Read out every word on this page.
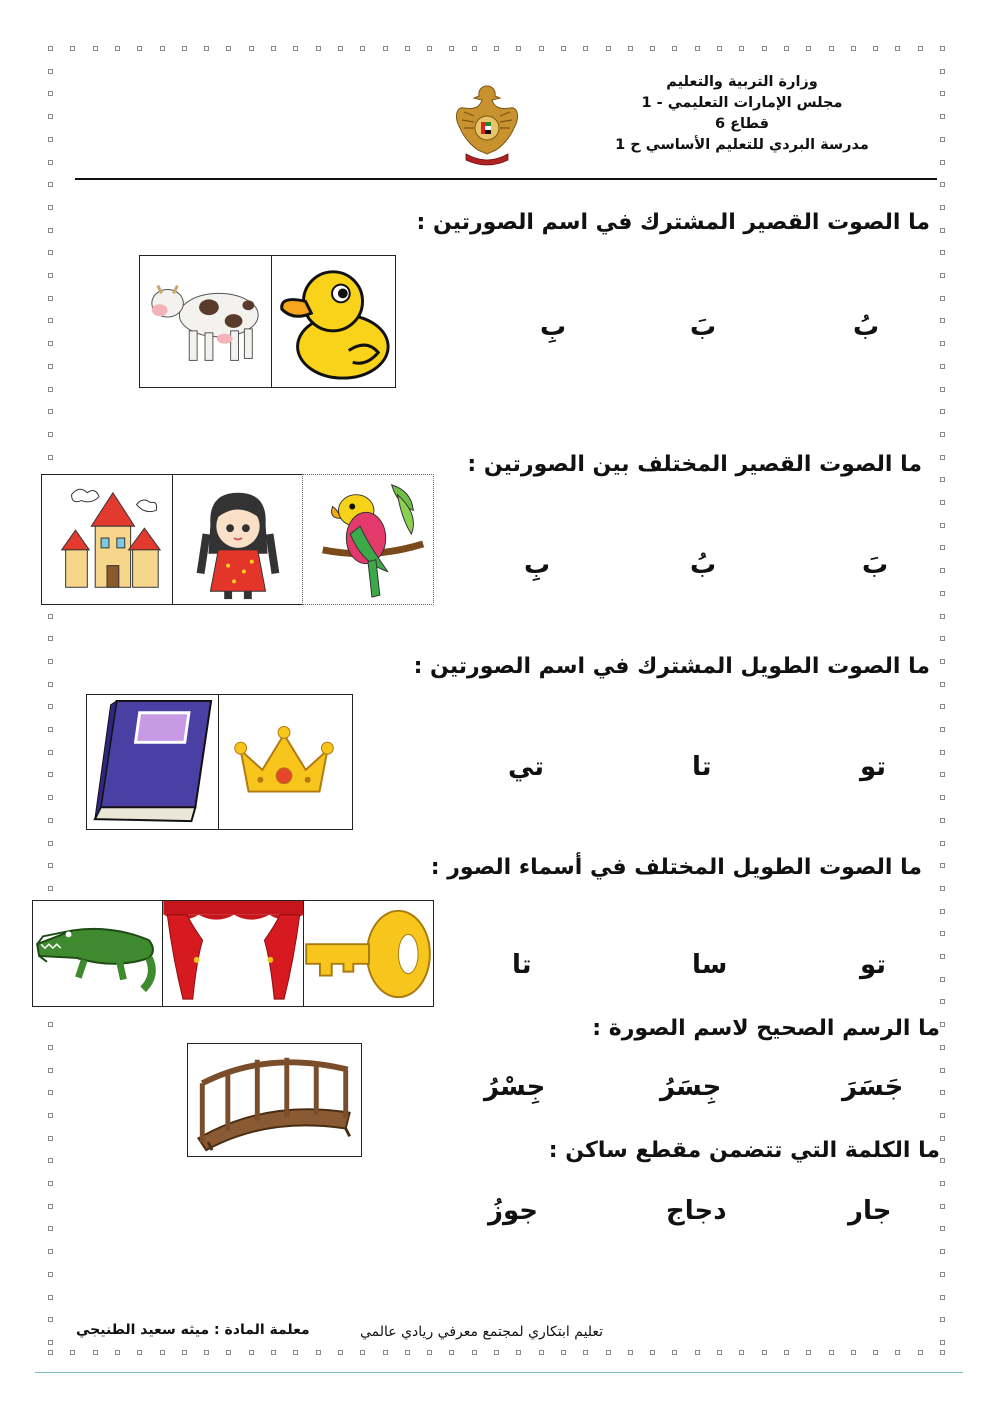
وزارة التربية والتعليم
مجلس الإمارات التعليمي - 1
قطاع 6
مدرسة البردي للتعليم الأساسي ح 1
ما الصوت القصير المشترك في اسم الصورتين :
بُ
بَ
بِ
ما الصوت القصير المختلف بين الصورتين :
بَ
بُ
بِ
ما الصوت الطويل المشترك في اسم الصورتين :
تو
تا
تي
ما الصوت الطويل المختلف في أسماء الصور :
تو
سا
تا
ما الرسم الصحيح لاسم الصورة :
جَسَرَ
جِسَرُ
جِسْرُ
ما الكلمة التي تتضمن مقطع ساكن :
جار
دجاج
جوزُ
تعليم ابتكاري لمجتمع معرفي ريادي عالمي
معلمة المادة : ميثه سعيد الطنيجي
